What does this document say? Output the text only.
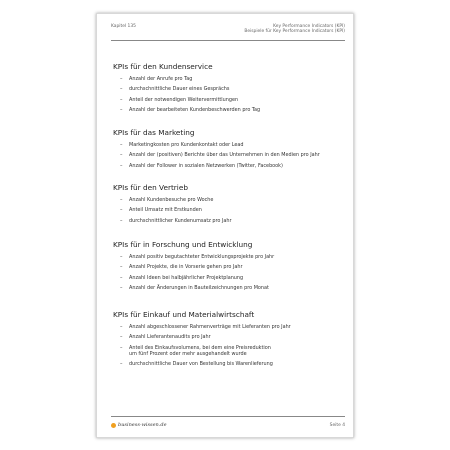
Kapitel 135	Key Performance Indicators (KPI)
Beispiele für Key Performance Indicators (KPI)
KPIs für den Kundenservice
– Anzahl der Anrufe pro Tag
– durchschnittliche Dauer eines Gesprächs
– Anteil der notwendigen Weitervermittlungen
– Anzahl der bearbeiteten Kundenbeschwerden pro Tag
KPIs für das Marketing
– Marketingkosten pro Kundenkontakt oder Lead
– Anzahl der (positiven) Berichte über das Unternehmen in den Medien pro Jahr
– Anzahl der Follower in sozialen Netzwerken (Twitter, Facebook)
KPIs für den Vertrieb
– Anzahl Kundenbesuche pro Woche
– Anteil Umsatz mit Erstkunden
– durchschnittlicher Kundenumsatz pro Jahr
KPIs für in Forschung und Entwicklung
– Anzahl positiv begutachteter Entwicklungsprojekte pro Jahr
– Anzahl Projekte, die in Vorserie gehen pro Jahr
– Anzahl Ideen bei halbjährlicher Projektplanung
– Anzahl der Änderungen in Bauteilzeichnungen pro Monat
KPIs für Einkauf und Materialwirtschaft
– Anzahl abgeschlossener Rahmenverträge mit Lieferanten pro Jahr
– Anzahl Lieferantenaudits pro Jahr
– Anteil des Einkaufsvolumens, bei dem eine Preisreduktion um fünf Prozent oder mehr ausgehandelt wurde
– durchschnittliche Dauer von Bestellung bis Warenlieferung
business-wissen.de	Seite 4
